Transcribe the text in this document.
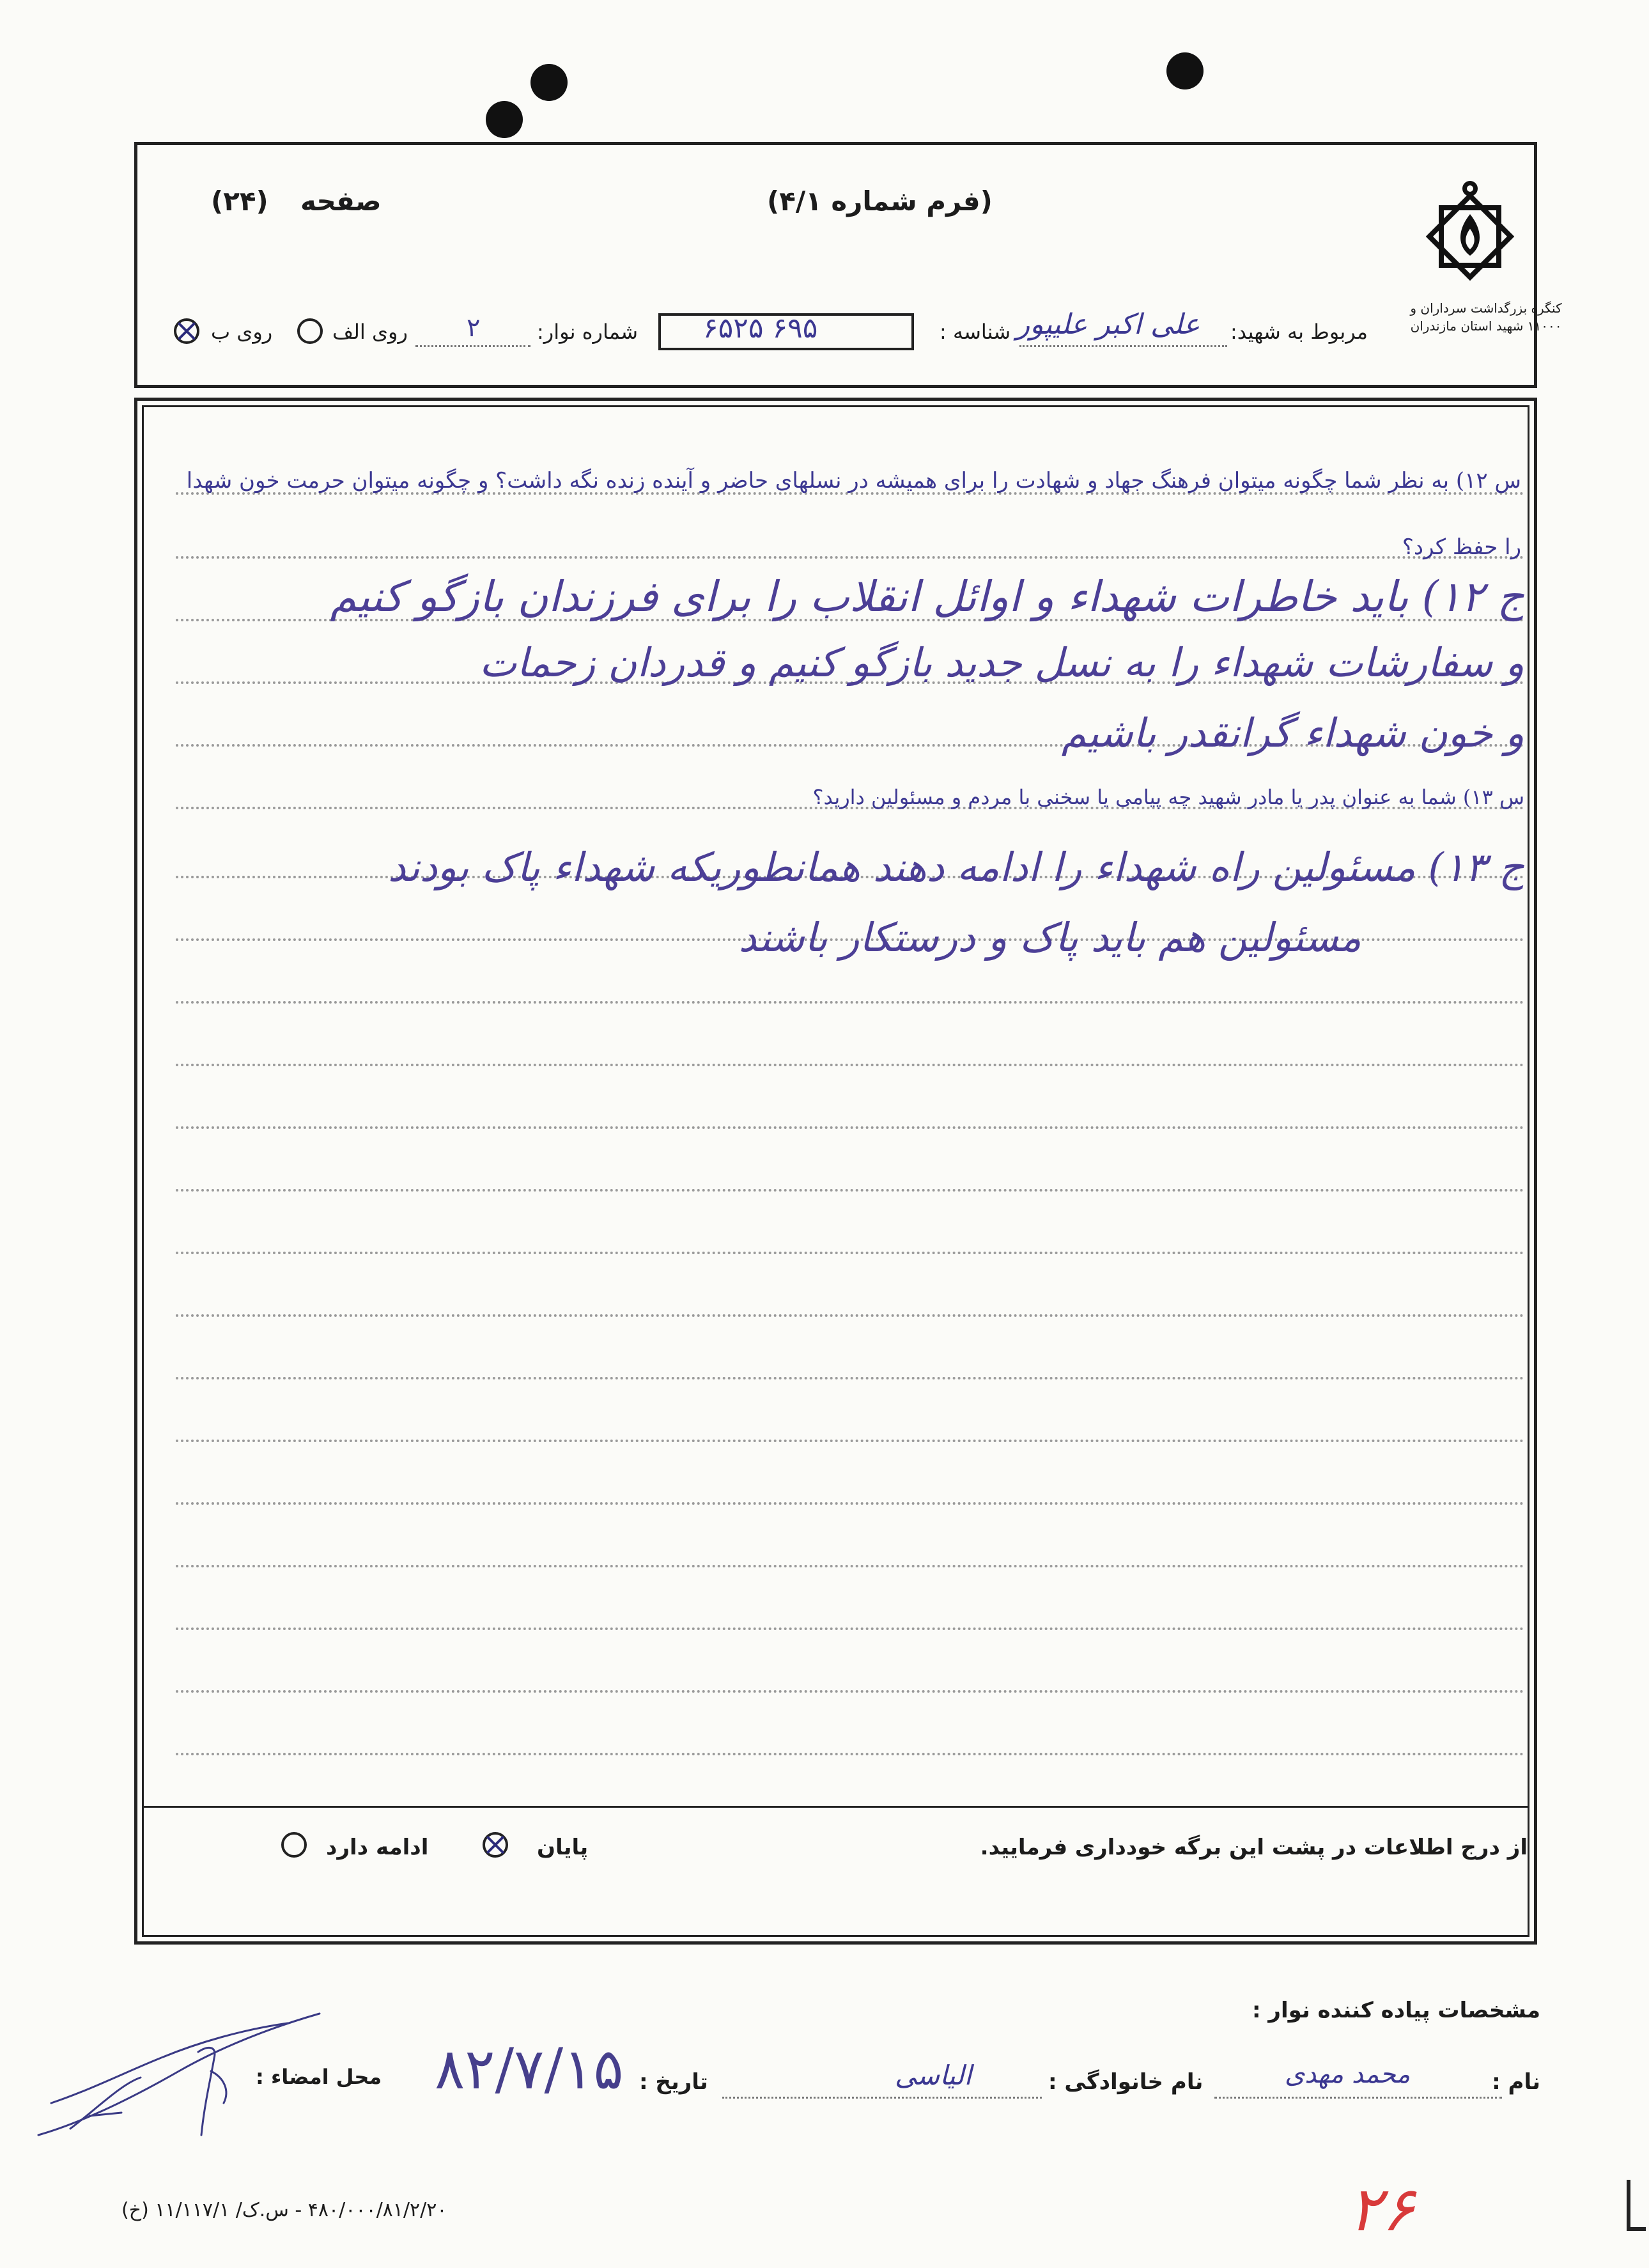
صفحه
(۲۴)	(فرم شماره ۴/۱)
کنگره بزرگداشت سرداران و ۱۱۰۰۰ شهید استان مازندران
مربوط به شهید:
علی اکبر علیپور
شناسه :
۶۹۵ ۶۵۲۵
شماره نوار:
۲
روی الف
روی ب
س ۱۲) به نظر شما چگونه میتوان فرهنگ جهاد و شهادت را برای همیشه در نسلهای حاضر و آینده زنده نگه داشت؟ و چگونه میتوان حرمت خون شهدا را حفظ کرد؟
ج ۱۲) باید خاطرات شهداء و اوائل انقلاب را برای فرزندان بازگو کنیم
و سفارشات شهداء را به نسل جدید بازگو کنیم و قدردان زحمات
و خون شهداء گرانقدر باشیم
س ۱۳) شما به عنوان پدر یا مادر شهید چه پیامی یا سخنی با مردم و مسئولین دارید؟
ج ۱۳) مسئولین راه شهداء را ادامه دهند همانطوریکه شهداء پاک بودند
مسئولین هم باید پاک و درستکار باشند
از درج اطلاعات در پشت این برگه خودداری فرمایید.
پایان
ادامه دارد
مشخصات پیاده کننده نوار :
نام :
محمد مهدی
نام خانوادگی :
الیاسی
تاریخ :
۸۲/۷/۱۵
محل امضاء :
۴۸۰/۰۰۰/۸۱/۲/۲۰ - س.ک/ ۱۱/۱۱۷/۱ (خ)	۲۶
